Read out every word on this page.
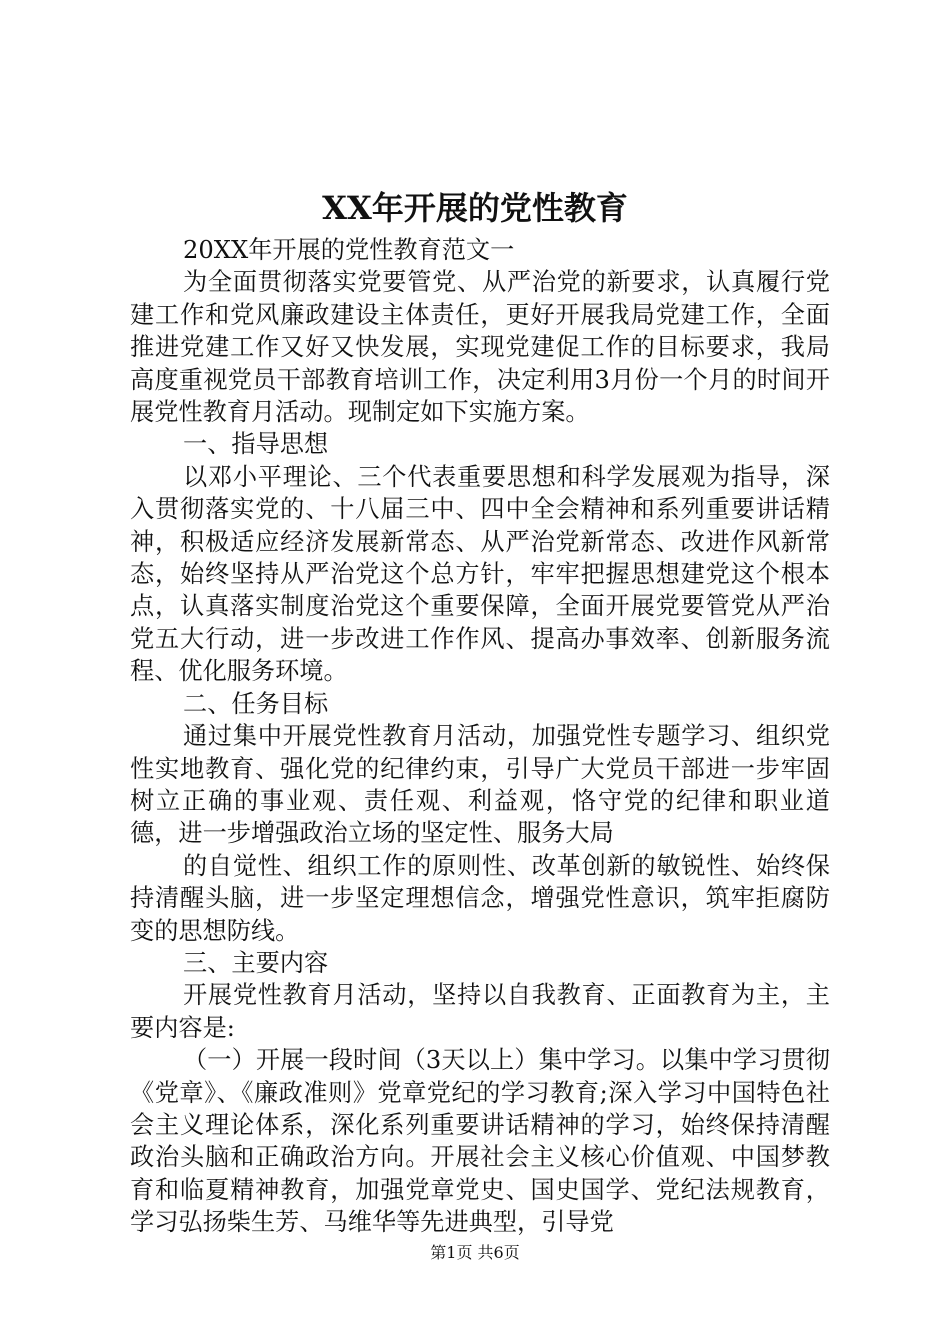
XX年开展的党性教育

20XX年开展的党性教育范文一

为全面贯彻落实党要管党、从严治党的新要求，认真履行党建工作和党风廉政建设主体责任，更好开展我局党建工作，全面推进党建工作又好又快发展，实现党建促工作的目标要求，我局高度重视党员干部教育培训工作，决定利用3月份一个月的时间开展党性教育月活动。现制定如下实施方案。

一、指导思想

以邓小平理论、三个代表重要思想和科学发展观为指导，深入贯彻落实党的、十八届三中、四中全会精神和系列重要讲话精神，积极适应经济发展新常态、从严治党新常态、改进作风新常态，始终坚持从严治党这个总方针，牢牢把握思想建党这个根本点，认真落实制度治党这个重要保障，全面开展党要管党从严治党五大行动，进一步改进工作作风、提高办事效率、创新服务流程、优化服务环境。

二、任务目标

通过集中开展党性教育月活动，加强党性专题学习、组织党性实地教育、强化党的纪律约束，引导广大党员干部进一步牢固树立正确的事业观、责任观、利益观，恪守党的纪律和职业道德，进一步增强政治立场的坚定性、服务大局

的自觉性、组织工作的原则性、改革创新的敏锐性、始终保持清醒头脑，进一步坚定理想信念，增强党性意识，筑牢拒腐防变的思想防线。

三、主要内容

开展党性教育月活动，坚持以自我教育、正面教育为主，主要内容是:

（一）开展一段时间（3天以上）集中学习。以集中学习贯彻《党章》、《廉政准则》党章党纪的学习教育;深入学习中国特色社会主义理论体系，深化系列重要讲话精神的学习，始终保持清醒政治头脑和正确政治方向。开展社会主义核心价值观、中国梦教育和临夏精神教育，加强党章党史、国史国学、党纪法规教育，学习弘扬柴生芳、马维华等先进典型，引导党

第1页 共6页
